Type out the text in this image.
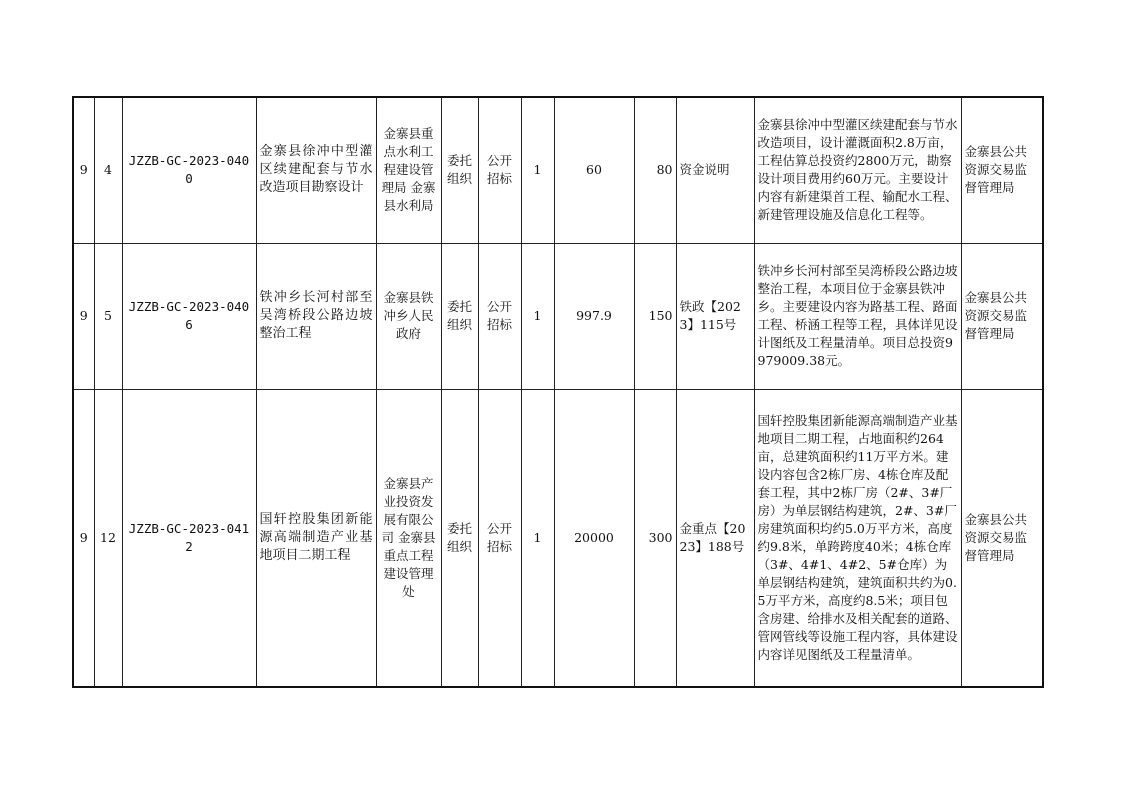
9	4	JZZB-GC-2023-0400	金寨县徐冲中型灌区续建配套与节水改造项目勘察设计	金寨县重点水利工程建设管理局 金寨县水利局	委托组织	公开招标	1	60	80	资金说明	金寨县徐冲中型灌区续建配套与节水改造项目，设计灌溉面积2.8万亩，工程估算总投资约2800万元，勘察设计项目费用约60万元。主要设计内容有新建渠首工程、输配水工程、新建管理设施及信息化工程等。	金寨县公共资源交易监督管理局
9	5	JZZB-GC-2023-0406	铁冲乡长河村部至吴湾桥段公路边坡整治工程	金寨县铁冲乡人民政府	委托组织	公开招标	1	997.9	150	铁政【2023】115号	铁冲乡长河村部至吴湾桥段公路边坡整治工程，本项目位于金寨县铁冲乡。主要建设内容为路基工程、路面工程、桥涵工程等工程，具体详见设计图纸及工程量清单。项目总投资9979009.38元。	金寨县公共资源交易监督管理局
9	12	JZZB-GC-2023-0412	国轩控股集团新能源高端制造产业基地项目二期工程	金寨县产业投资发展有限公司 金寨县重点工程建设管理处	委托组织	公开招标	1	20000	300	金重点【2023】188号	国轩控股集团新能源高端制造产业基地项目二期工程，占地面积约264亩，总建筑面积约11万平方米。建设内容包含2栋厂房、4栋仓库及配套工程，其中2栋厂房（2#、3#厂房）为单层钢结构建筑，2#、3#厂房建筑面积均约5.0万平方米，高度约9.8米，单跨跨度40米；4栋仓库（3#、4#1、4#2、5#仓库）为单层钢结构建筑，建筑面积共约为0.5万平方米，高度约8.5米；项目包含房建、给排水及相关配套的道路、管网管线等设施工程内容，具体建设内容详见图纸及工程量清单。	金寨县公共资源交易监督管理局
